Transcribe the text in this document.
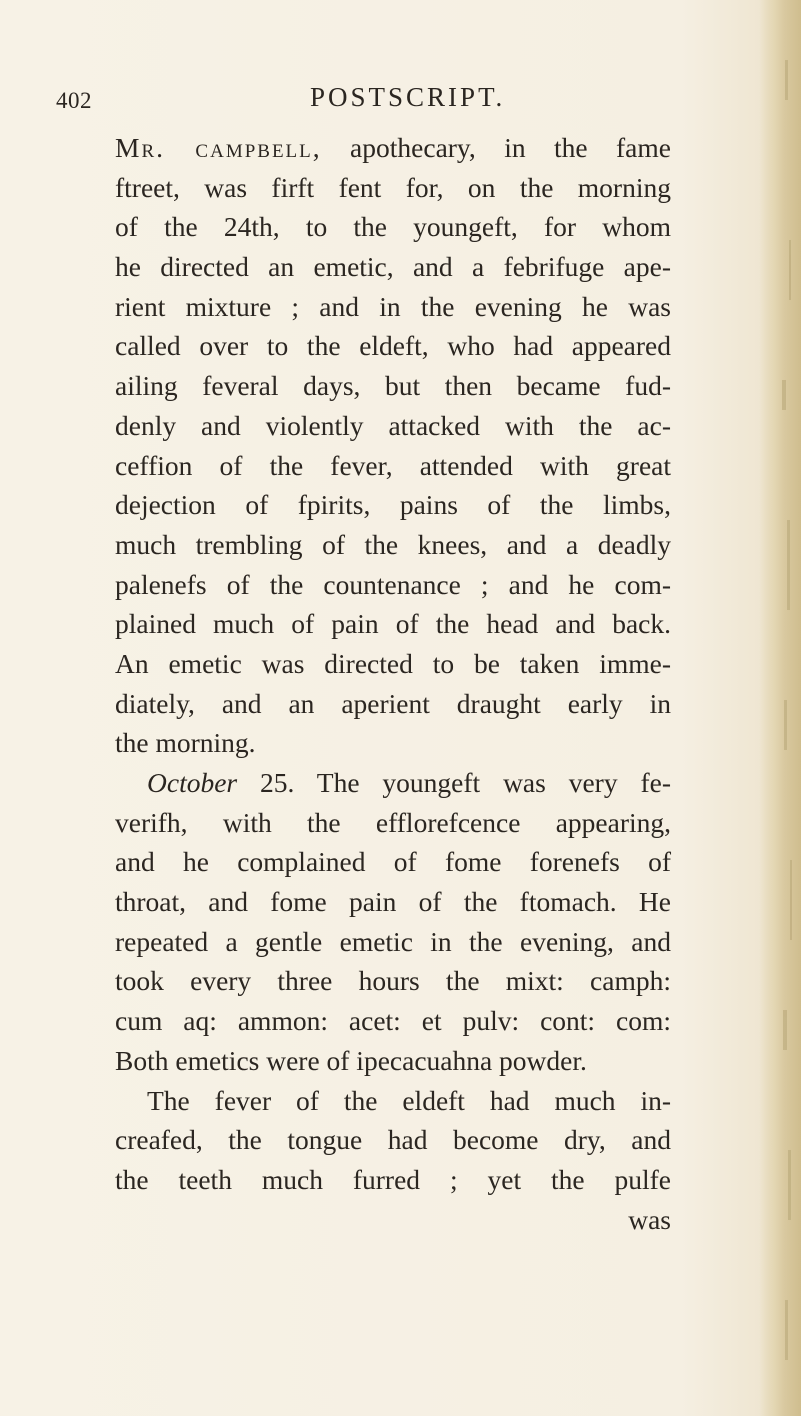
402	POSTSCRIPT.
Mr. campbell, apothecary, in the fame
ftreet, was firft fent for, on the morning
of the 24th, to the youngeft, for whom
he directed an emetic, and a febrifuge ape-
rient mixture ; and in the evening he was
called over to the eldeft, who had appeared
ailing feveral days, but then became fud-
denly and violently attacked with the ac-
ceffion of the fever, attended with great
dejection of fpirits, pains of the limbs,
much trembling of the knees, and a deadly
palenefs of the countenance ; and he com-
plained much of pain of the head and back.
An emetic was directed to be taken imme-
diately, and an aperient draught early in
the morning.
October 25. The youngeft was very fe-
verifh, with the efflorefcence appearing,
and he complained of fome forenefs of
throat, and fome pain of the ftomach. He
repeated a gentle emetic in the evening, and
took every three hours the mixt: camph:
cum aq: ammon: acet: et pulv: cont: com:
Both emetics were of ipecacuahna powder.
The fever of the eldeft had much in-
creafed, the tongue had become dry, and
the teeth much furred ; yet the pulfe
was
